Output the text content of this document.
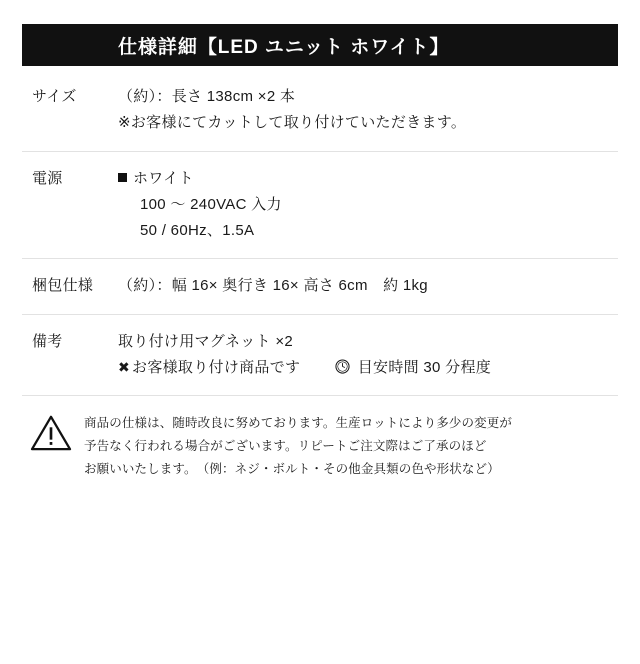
仕様詳細【LED ユニット ホワイト】
サイズ	（約）：長さ 138cm ×2 本
※お客様にてカットして取り付けていただきます。
電源	ホワイト
100 〜 240VAC 入力
50 / 60Hz、1.5A
梱包仕様	（約）：幅 16× 奥行き 16× 高さ 6cm　約 1kg
備考	取り付け用マグネット ×2
✖ お客様取り付け商品です	目安時間 30 分程度
商品の仕様は、随時改良に努めております。生産ロットにより多少の変更が
予告なく行われる場合がございます。リピートご注文際はご了承のほど
お願いいたします。　（例：ネジ・ボルト・その他金具類の色や形状など）
